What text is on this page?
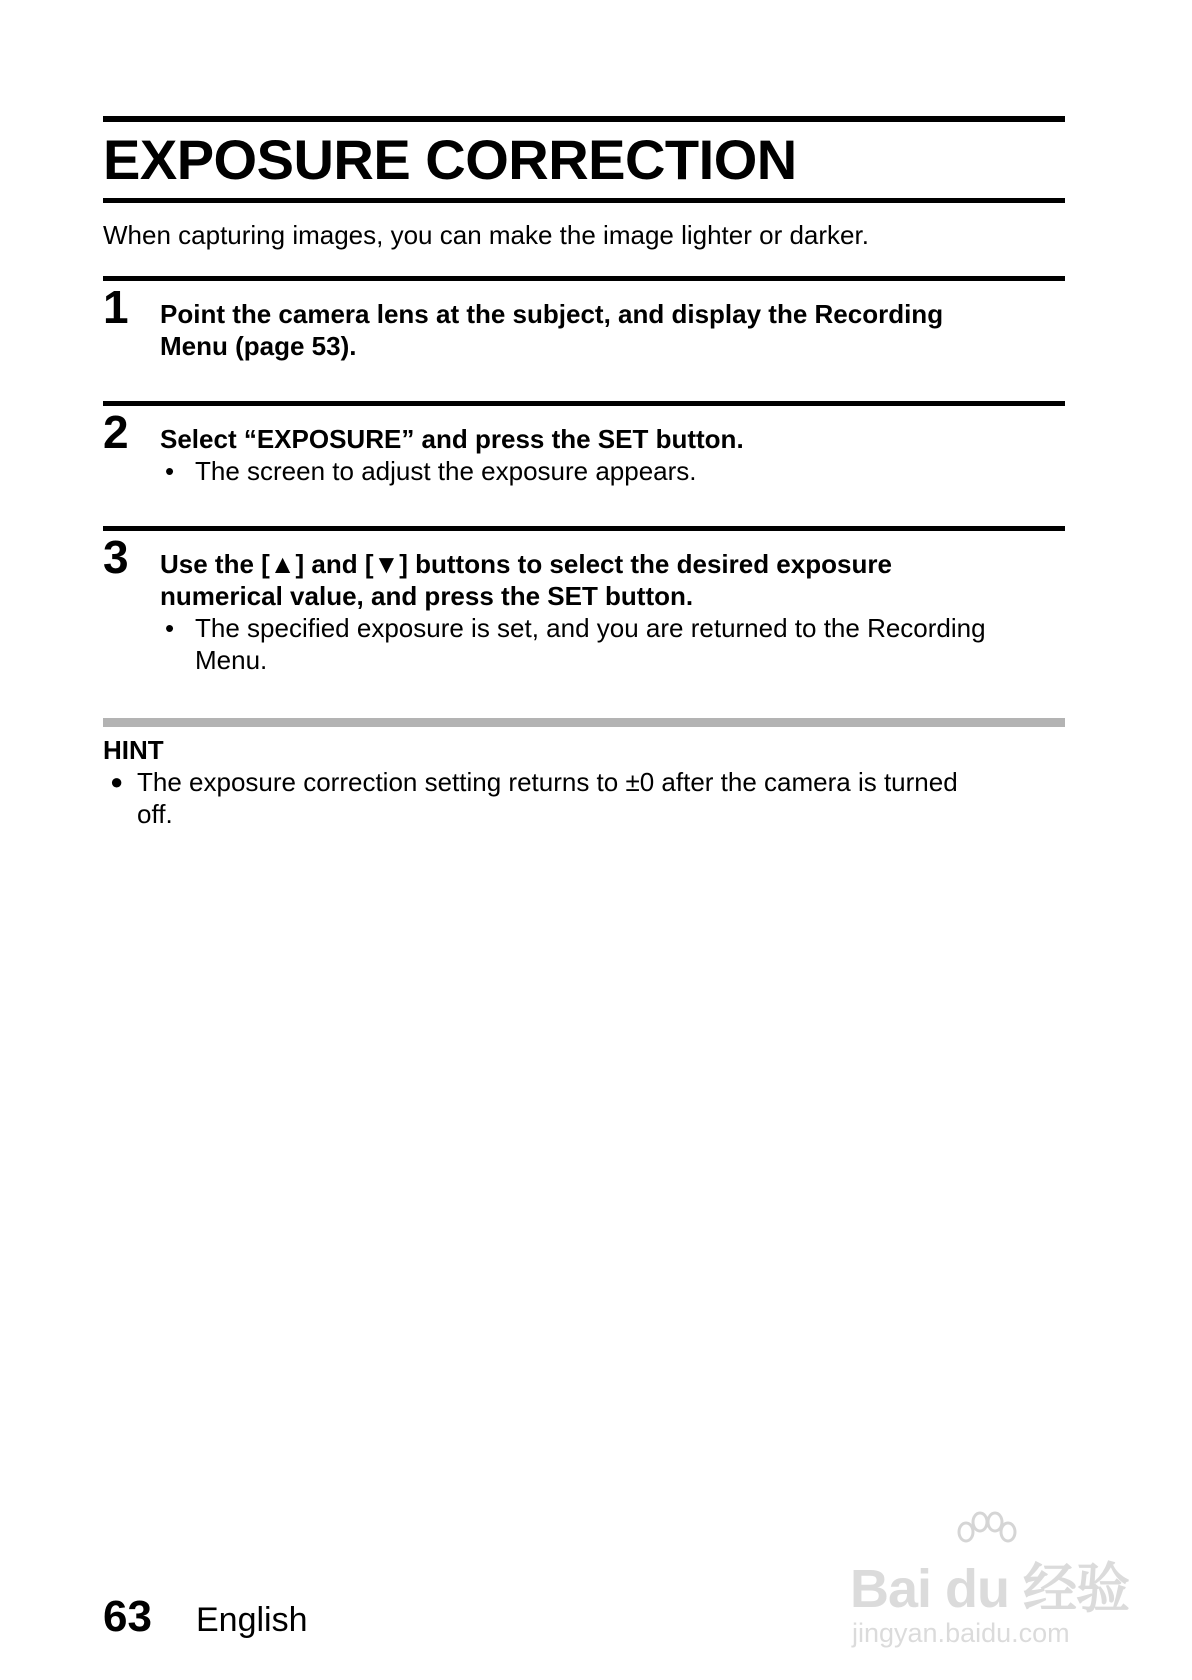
EXPOSURE CORRECTION

When capturing images, you can make the image lighter or darker.

1 Point the camera lens at the subject, and display the Recording

Menu (page 53).

2 Select “EXPOSURE” and press the SET button.

• The screen to adjust the exposure appears.
3 Use the [▲] and [▼] buttons to select the desired exposure

numerical value, and press the SET button.

• The specified exposure is set, and you are returned to the Recording
Menu.

HINT

● The exposure correction setting returns to ±0 after the camera is turned
off.
63 English
Bai du 经验
jingyan.baidu.com
